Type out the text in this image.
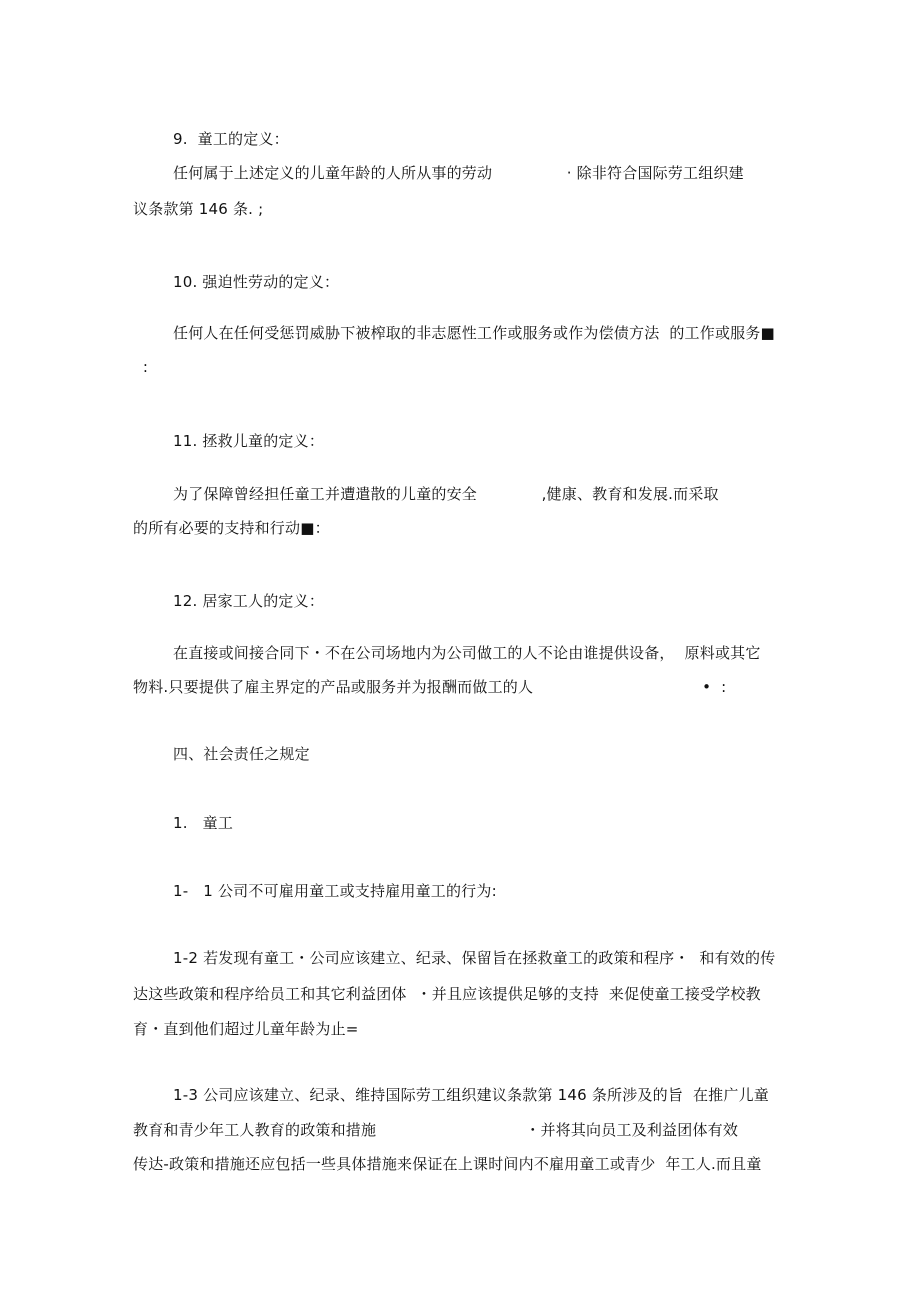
9.  童工的定义：
任何属于上述定义的儿童年龄的人所从事的劳动               · 除非符合国际劳工组织建
议条款第 146 条. ;
10. 强迫性劳动的定义：
任何人在任何受惩罚威胁下被榨取的非志愿性工作或服务或作为偿债方法  的工作或服务■
:
11. 拯救儿童的定义：
为了保障曾经担任童工并遭遣散的儿童的安全             ,健康、教育和发展.而采取
的所有必要的支持和行动■：
12. 居家工人的定义：
在直接或间接合同下・不在公司场地内为公司做工的人不论由谁提供设备，  原料或其它
物料.只要提供了雇主界定的产品或服务并为报酬而做工的人                                  •  :
四、社会责任之规定
1.   童工
1-   1 公司不可雇用童工或支持雇用童工的行为:
1-2 若发现有童工・公司应该建立、纪录、保留旨在拯救童工的政策和程序・  和有效的传
达这些政策和程序给员工和其它利益团体  ・并且应该提供足够的支持  来促使童工接受学校教
育・直到他们超过儿童年龄为止=
1-3 公司应该建立、纪录、维持国际劳工组织建议条款第 146 条所涉及的旨  在推广儿童
教育和青少年工人教育的政策和措施                              ・并将其向员工及利益团体有效
传达-政策和措施还应包括一些具体措施来保证在上课时间内不雇用童工或青少  年工人.而且童
